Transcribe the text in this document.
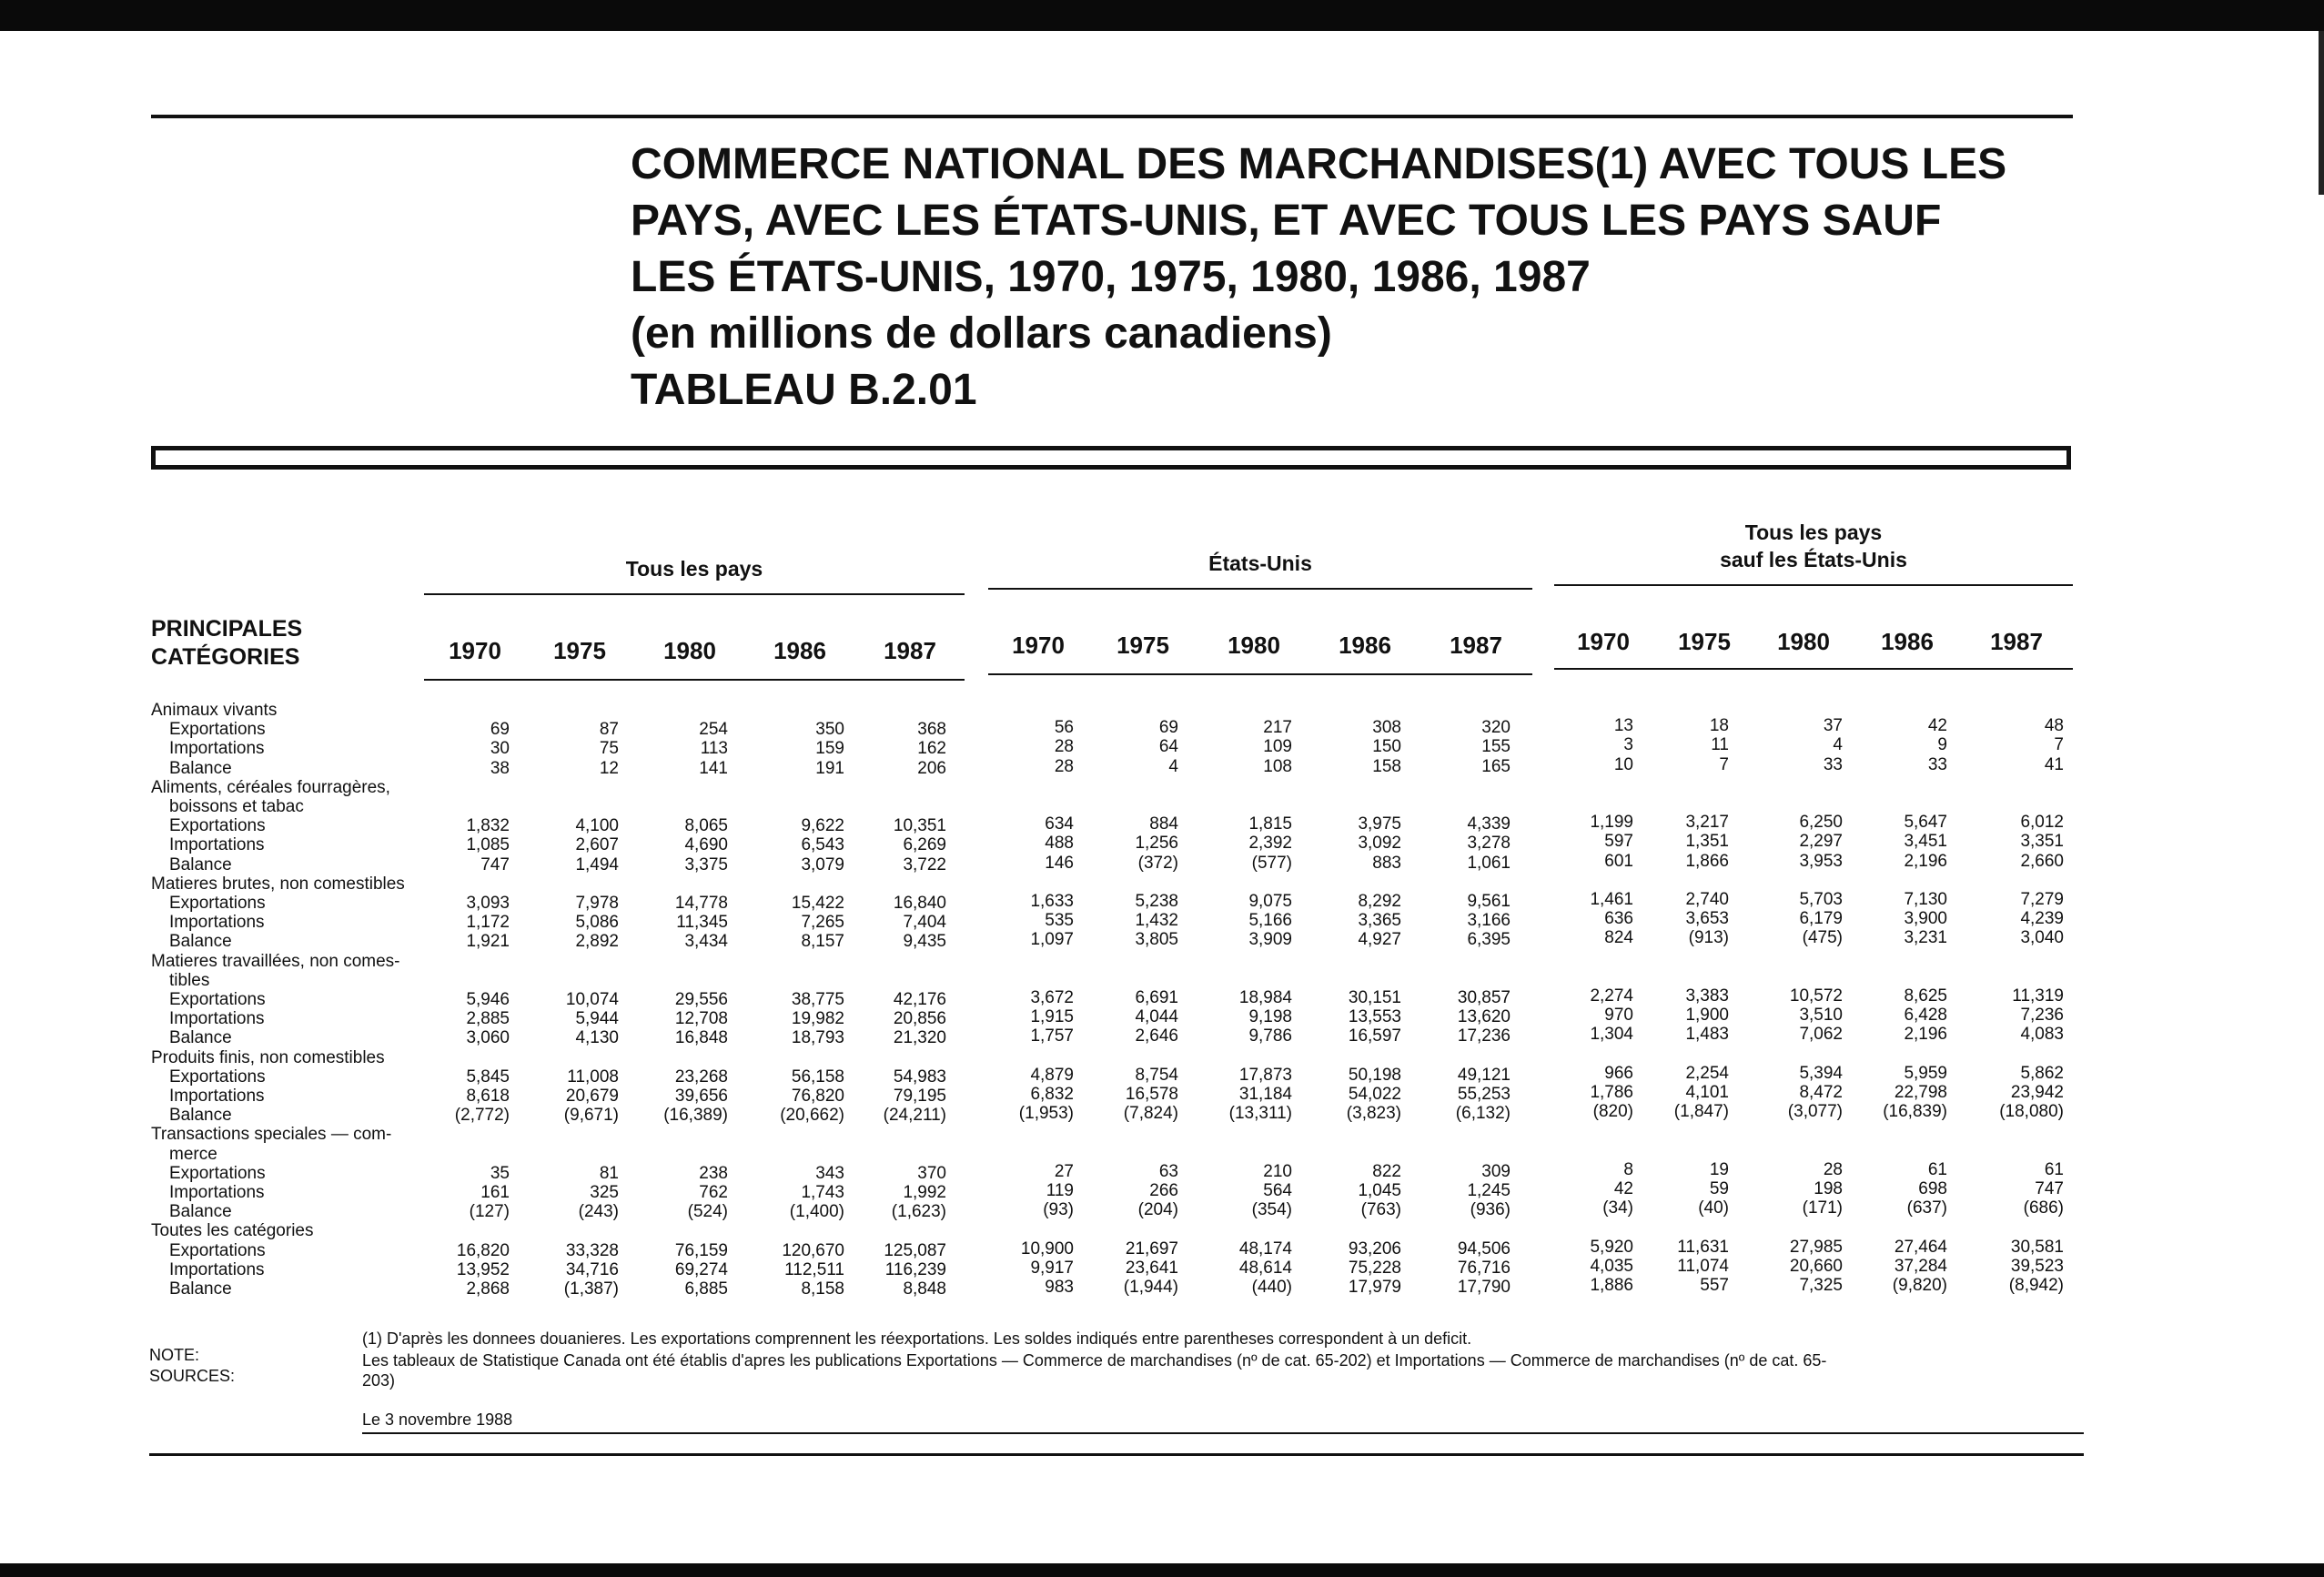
COMMERCE NATIONAL DES MARCHANDISES(1) AVEC TOUS LES
PAYS, AVEC LES ÉTATS-UNIS, ET AVEC TOUS LES PAYS SAUF
LES ÉTATS-UNIS, 1970, 1975, 1980, 1986, 1987
(en millions de dollars canadiens)
TABLEAU B.2.01
Tous les pays	États-Unis
Tous les pays
sauf les États-Unis
PRINCIPALES
CATÉGORIES	1970	1975	1980	1986	1987	1970	1975	1980	1986	1987	1970	1975	1980	1986	1987
Animaux vivants
Exportations	69	87	254	350	368	56	69	217	308	320	13	18	37	42	48
Importations	30	75	113	159	162	28	64	109	150	155	3	11	4	9	7
Balance	38	12	141	191	206	28	4	108	158	165	10	7	33	33	41
Aliments, céréales fourragères,
boissons et tabac
Exportations	1,832	4,100	8,065	9,622	10,351	634	884	1,815	3,975	4,339	1,199	3,217	6,250	5,647	6,012
Importations	1,085	2,607	4,690	6,543	6,269	488	1,256	2,392	3,092	3,278	597	1,351	2,297	3,451	3,351
Balance	747	1,494	3,375	3,079	3,722	146	(372)	(577)	883	1,061	601	1,866	3,953	2,196	2,660
Matieres brutes, non comestibles
Exportations	3,093	7,978	14,778	15,422	16,840	1,633	5,238	9,075	8,292	9,561	1,461	2,740	5,703	7,130	7,279
Importations	1,172	5,086	11,345	7,265	7,404	535	1,432	5,166	3,365	3,166	636	3,653	6,179	3,900	4,239
Balance	1,921	2,892	3,434	8,157	9,435	1,097	3,805	3,909	4,927	6,395	824	(913)	(475)	3,231	3,040
Matieres travaillées, non comes-
tibles
Exportations	5,946	10,074	29,556	38,775	42,176	3,672	6,691	18,984	30,151	30,857	2,274	3,383	10,572	8,625	11,319
Importations	2,885	5,944	12,708	19,982	20,856	1,915	4,044	9,198	13,553	13,620	970	1,900	3,510	6,428	7,236
Balance	3,060	4,130	16,848	18,793	21,320	1,757	2,646	9,786	16,597	17,236	1,304	1,483	7,062	2,196	4,083
Produits finis, non comestibles
Exportations	5,845	11,008	23,268	56,158	54,983	4,879	8,754	17,873	50,198	49,121	966	2,254	5,394	5,959	5,862
Importations	8,618	20,679	39,656	76,820	79,195	6,832	16,578	31,184	54,022	55,253	1,786	4,101	8,472	22,798	23,942
Balance	(2,772)	(9,671)	(16,389)	(20,662)	(24,211)	(1,953)	(7,824)	(13,311)	(3,823)	(6,132)	(820)	(1,847)	(3,077)	(16,839)	(18,080)
Transactions speciales — com-
merce
Exportations	35	81	238	343	370	27	63	210	822	309	8	19	28	61	61
Importations	161	325	762	1,743	1,992	119	266	564	1,045	1,245	42	59	198	698	747
Balance	(127)	(243)	(524)	(1,400)	(1,623)	(93)	(204)	(354)	(763)	(936)	(34)	(40)	(171)	(637)	(686)
Toutes les catégories
Exportations	16,820	33,328	76,159	120,670	125,087	10,900	21,697	48,174	93,206	94,506	5,920	11,631	27,985	27,464	30,581
Importations	13,952	34,716	69,274	112,511	116,239	9,917	23,641	48,614	75,228	76,716	4,035	11,074	20,660	37,284	39,523
Balance	2,868	(1,387)	6,885	8,158	8,848	983	(1,944)	(440)	17,979	17,790	1,886	557	7,325	(9,820)	(8,942)
NOTE:
SOURCES:
(1) D'après les donnees douanieres. Les exportations comprennent les réexportations. Les soldes indiqués entre parentheses correspondent à un deficit.
Les tableaux de Statistique Canada ont été établis d'apres les publications Exportations — Commerce de marchandises (nº de cat. 65-202) et Importations — Commerce de marchandises (nº de cat. 65-
203)
Le 3 novembre 1988
